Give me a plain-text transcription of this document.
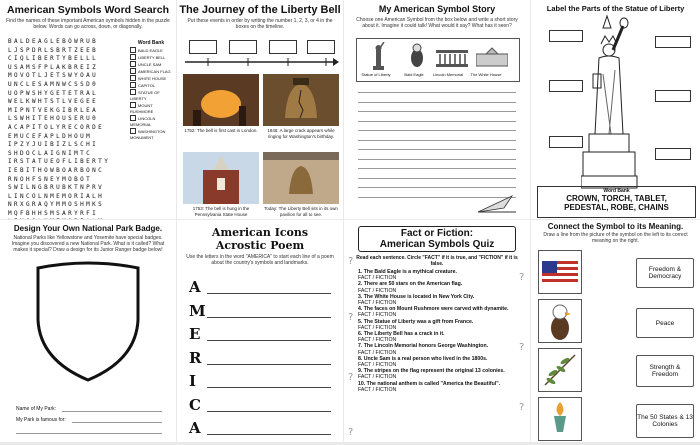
American Symbols Word Search
Find the names of these important American symbols hidden in the puzzle below. Words can go across, down, or diagonally.
BALDEAGLEBOWRUB
LJSPDRLSBRTZEEB
CIQLIBERTYBELLL
USAMSFPLAKBREIZ
MOVOTLJETSWYOAU
UNCLESAMNWCSSD0
UOPWSHYGETETRAL
WELKWHTSTLVEGEE
MIPNTVEKGIBRLEA
LSWHITEHOUSERU0
ACAPITOLYRECORDE
EMUCEFAPLDHOUM
IPZYJUIBIZLSCHI
SHDOCLAIGNIMTC
IRSTATUEOFLIBERTY
IEBITHOWBOARBONC
RNOHFSNEYMOBOT
SWILNGBRUBKTNPRV
LINCOLNMEMORIALH
NRXGRAQYMMOSHMKS
MQFBHHSMSARYRFI
Word Bank
BALD EAGLE
LIBERTY BELL
UNCLE SAM
AMERICAN FLAG
WHITE HOUSE
CAPITOL
STATUE OF LIBERTY
MOUNT RUSHMORE
LINCOLN MEMORIAL
WASHINGTON MONUMENT
The Journey of the Liberty Bell
Put these events in order by writing the number 1, 2, 3, or 4 in the boxes on the timeline.
1752: The bell is first cast in London.	1846: A large crack appears while ringing for Washington's birthday.
1753: The bell is hung in the Pennsylvania State House
Today: The Liberty Bell sits in its own pavilion for all to see.
My American Symbol Story
Choose one American Symbol from the box below and write a short story about it. Imagine it could talk! What would it say? What has it seen?
Statue of Liberty	Bald Eagle	Lincoln Memorial	The White House
Label the Parts of the Statue of Liberty
Word Bank
CROWN, TORCH, TABLET,
PEDESTAL, ROBE, CHAINS
Design Your Own National Park Badge.
National Parks like Yellowstone and Yosemite have special badges. Imagine you discovered a new National Park. What is it called? What makes it special? Draw a design for its Junior Ranger badge below!
Name of My Park:
My Park is famous for:
American Icons
Acrostic Poem
Use the letters in the word "AMERICA" to start each line of a poem about the country's symbols and landmarks.
A
M
E
R
I
C
A
Fact or Fiction:
American Symbols Quiz
Read each sentence. Circle "FACT" if it is true, and "FICTION" if it is false.
1. The Bald Eagle is a mythical creature.
FACT / FICTION
2. There are 50 stars on the American flag.
FACT / FICTION
3. The White House is located in New York City.
FACT / FICTION
4. The faces on Mount Rushmore were carved with dynamite.
FACT / FICTION
5. The Statue of Liberty was a gift from France.
FACT / FICTION
6. The Liberty Bell has a crack in it.
FACT / FICTION
7. The Lincoln Memorial honors George Washington.
FACT / FICTION
8. Uncle Sam is a real person who lived in the 1800s.
FACT / FICTION
9. The stripes on the flag represent the original 13 colonies.
FACT / FICTION
10. The national anthem is called "America the Beautiful".
FACT / FICTION
?
?
?
?
?
?
?
Connect the Symbol to its Meaning.
Draw a line from the picture of the symbol on the left to its correct meaning on the right.
Freedom & Democracy
Peace
Strength & Freedom
The 50 States & 13 Colonies
